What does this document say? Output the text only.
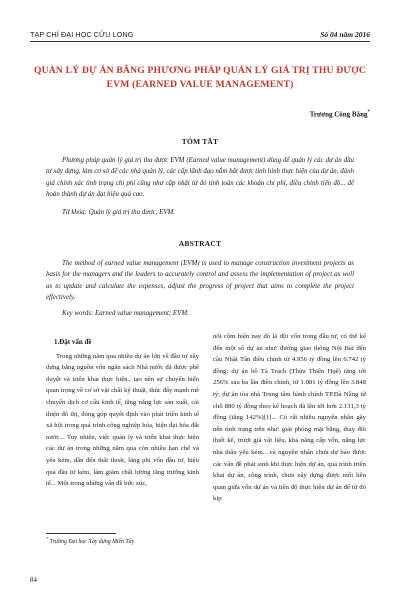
TẠP CHÍ ĐẠI HỌC CỬU LONG	Số 04 năm 2016
QUẢN LÝ DỰ ÁN BẰNG PHƯƠNG PHÁP QUẢN LÝ GIÁ TRỊ THU ĐƯỢC EVM (EARNED VALUE MANAGEMENT)
Trương Công Bằng*
TÓM TẮT
Phương pháp quản lý giá trị thu được EVM (Earned value management) dùng để quản lý các dự án đầu tư xây dựng, làm cơ sở để các nhà quản lý, các cấp lãnh đạo nắm bắt được tình hình thực hiện của dự án, đánh giá chính xác tình trạng chi phí cũng như cập nhật từ đó tính toán các khoản chi phí, điều chỉnh tiến độ... để hoàn thành dự án đạt hiệu quả cao.
Từ khóa: Quản lý giá trị thu được, EVM.
ABSTRACT
The method of earned value management (EVM) is used to manage construction investment projects as basis for the managers and the leaders to accurately control and assess the implementation of project as well as to update and calculate the expenses, adjust the progress of project that aims to complete the project effectively.
Key words: Earned value management; EVM.
1.Đặt vấn đề
Trong những năm qua nhiều dự án lớn về đầu tư xây dựng bằng nguồn vốn ngân sách Nhà nước đã được phê duyệt và triển khai thực hiện., tạo nên sự chuyển biến quan trọng về cơ sở vật chất kỹ thuật, thúc đẩy mạnh mẽ chuyển dịch cơ cấu kinh tế, tăng năng lực sản xuất, cải thiện đô thị, đóng góp quyết định vào phát triển kinh tế xã hội trong quá trình công nghiệp hóa, hiện đại hóa đất nước... Tuy nhiên, việc quản lý và triển khai thực hiện các dự án trong những năm qua còn nhiều hạn chế và yếu kém, dẫn đến thất thoát, lãng phí vốn đầu tư, hiệu quả đầu tư kém, làm giảm chất lượng tăng trưởng kinh tế... Một trong những vấn đề bức xúc,
nổi cộm hiện nay đó là đội vốn trong đầu tư, có thể kể đến một số dự án như: đường giao thông Nội Bài đến cầu Nhật Tân điều chỉnh từ 4.956 tỷ đồng lên 6.742 tỷ đồng; dự án hồ Tả Trạch (Thừa Thiên Huế) tăng tới 256% sau ba lần điều chỉnh, từ 1.081 tỷ đồng lên 3.848 tỷ; dự án tòa nhà Trung tâm hành chính TP.Đà Nẵng từ chỗ 880 tỷ đồng theo kế hoạch đã lên tới hơn 2.131,3 tỷ đồng (tăng 142%)[1]... Có rất nhiều nguyên nhân gây nên tình trạng trên như: giải phóng mặt bằng, thay đổi thiết kế, trượt giá vật liệu, khả năng cấp vốn, năng lực nhà thầu yếu kém…và nguyên nhân chưa dự báo được các vấn đề phát sinh khi thực hiện dự án, quá trình triển khai dự án, công trình, chưa xây dựng được mối liên quan giữa vốn dự án và tiến độ thực hiện dự án để từ đó kịp
* Trường Đại học Xây dựng Miền Tây
84
